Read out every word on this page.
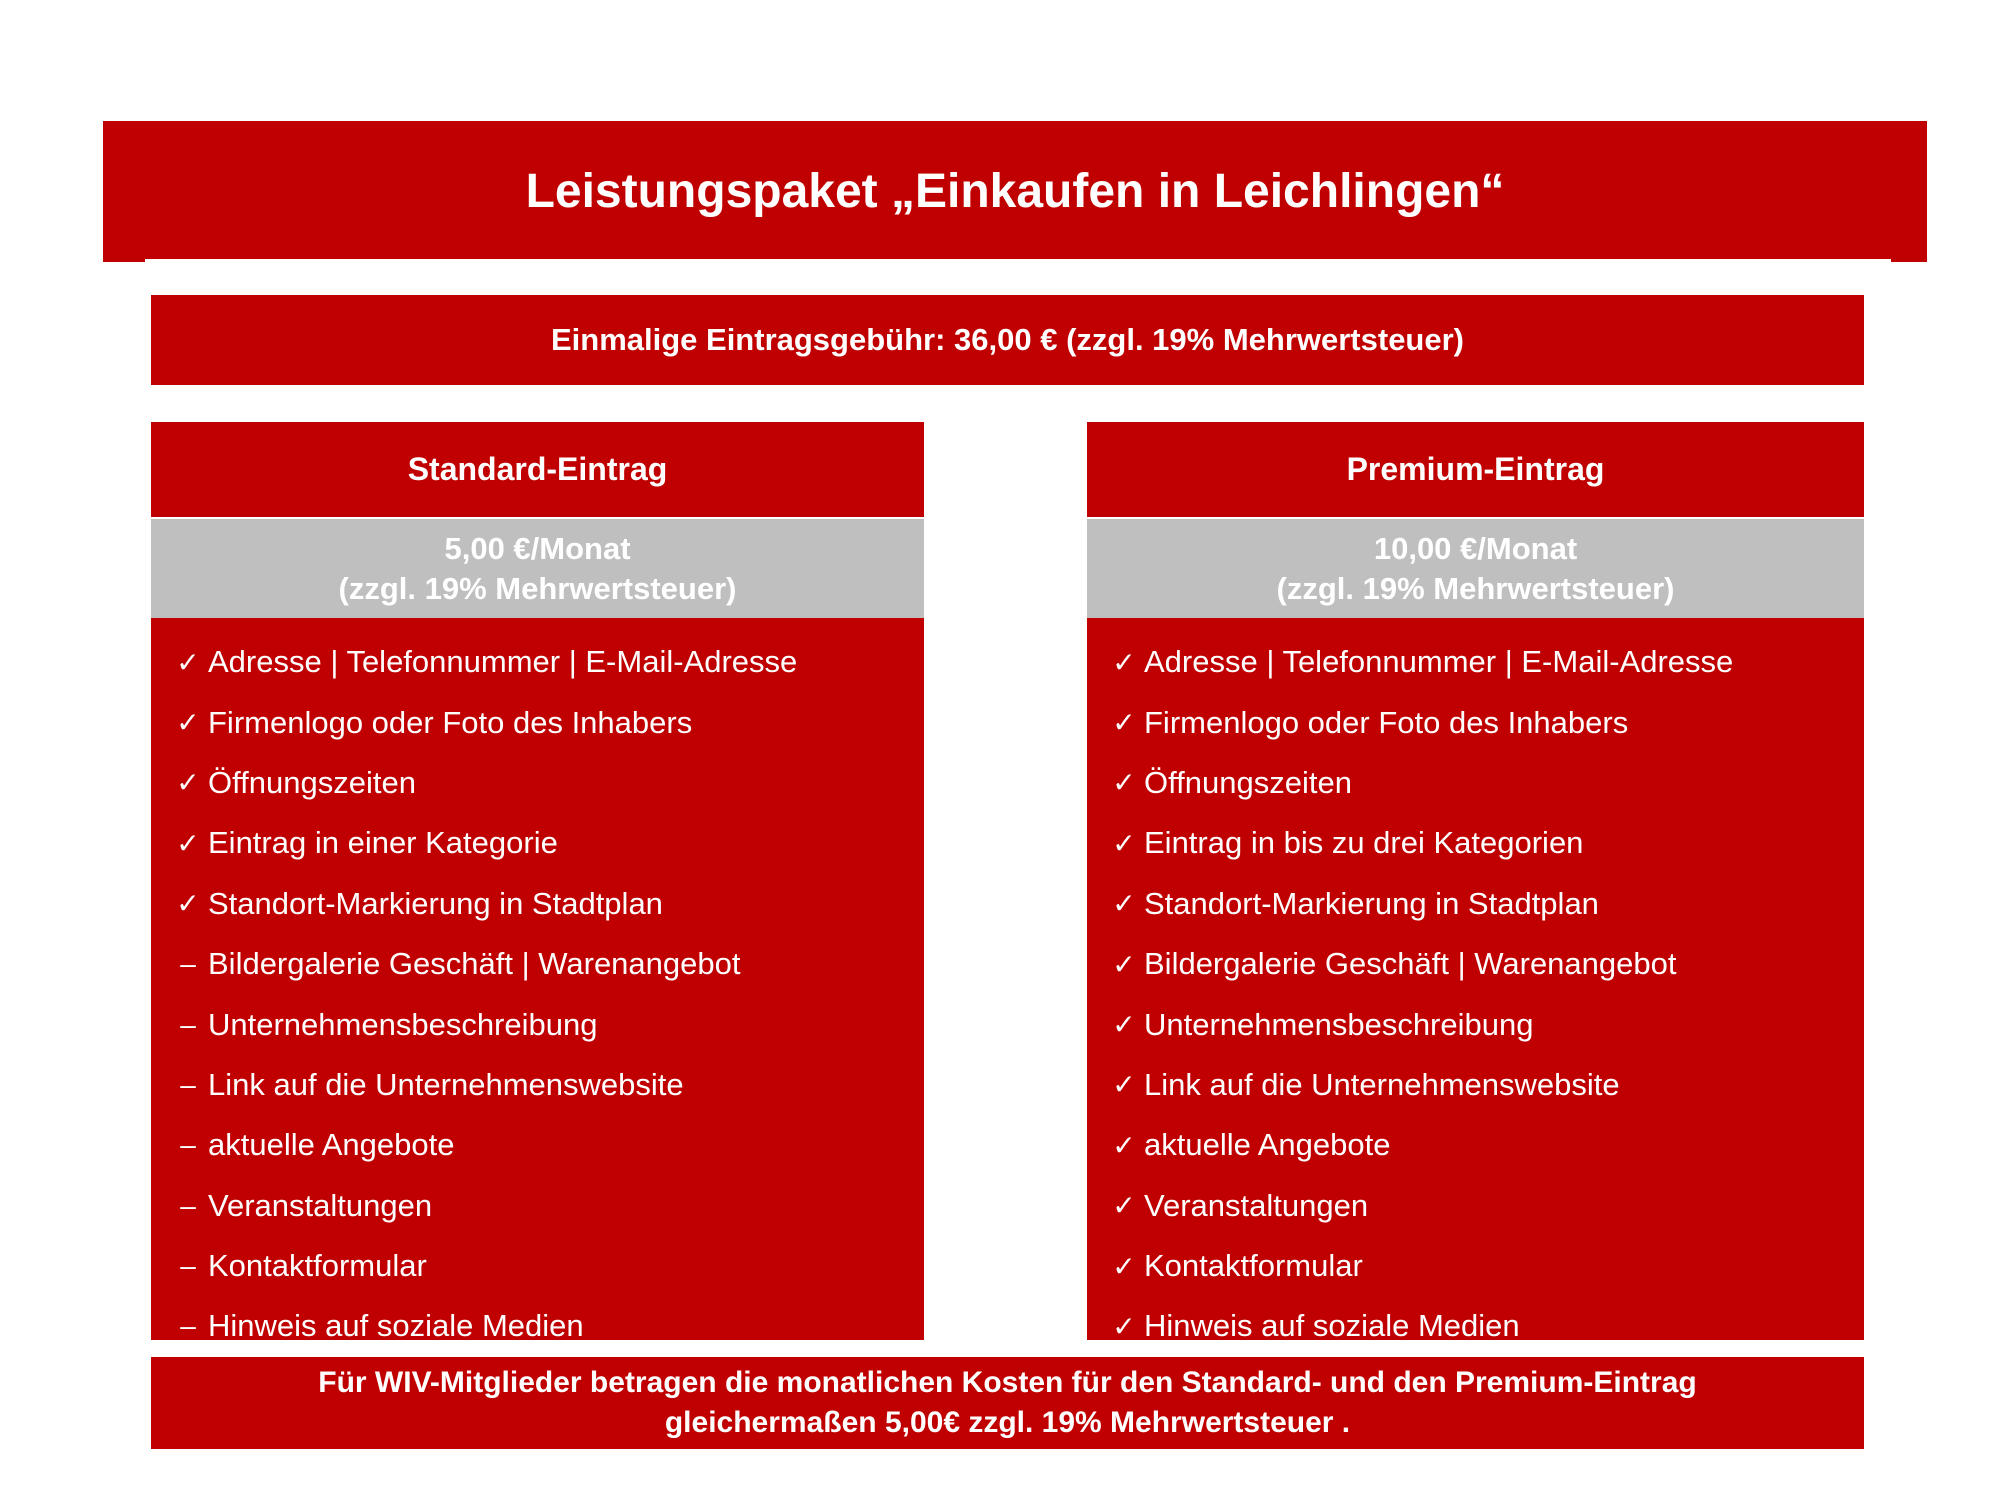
Leistungspaket „Einkaufen in Leichlingen“
Einmalige Eintragsgebühr: 36,00 € (zzgl. 19% Mehrwertsteuer)
Standard-Eintrag
5,00 €/Monat
(zzgl. 19% Mehrwertsteuer)
✓ Adresse | Telefonnummer | E-Mail-Adresse
✓ Firmenlogo oder Foto des Inhabers
✓ Öffnungszeiten
✓ Eintrag in einer Kategorie
✓ Standort-Markierung in Stadtplan
– Bildergalerie Geschäft | Warenangebot
– Unternehmensbeschreibung
– Link auf die Unternehmenswebsite
– aktuelle Angebote
– Veranstaltungen
– Kontaktformular
– Hinweis auf soziale Medien
Premium-Eintrag
10,00 €/Monat
(zzgl. 19% Mehrwertsteuer)
✓ Adresse | Telefonnummer | E-Mail-Adresse
✓ Firmenlogo oder Foto des Inhabers
✓ Öffnungszeiten
✓ Eintrag in bis zu drei Kategorien
✓ Standort-Markierung in Stadtplan
✓ Bildergalerie Geschäft | Warenangebot
✓ Unternehmensbeschreibung
✓ Link auf die Unternehmenswebsite
✓ aktuelle Angebote
✓ Veranstaltungen
✓ Kontaktformular
✓ Hinweis auf soziale Medien
Für WIV-Mitglieder betragen die monatlichen Kosten für den Standard- und den Premium-Eintrag
gleichermaßen 5,00€ zzgl. 19% Mehrwertsteuer .
